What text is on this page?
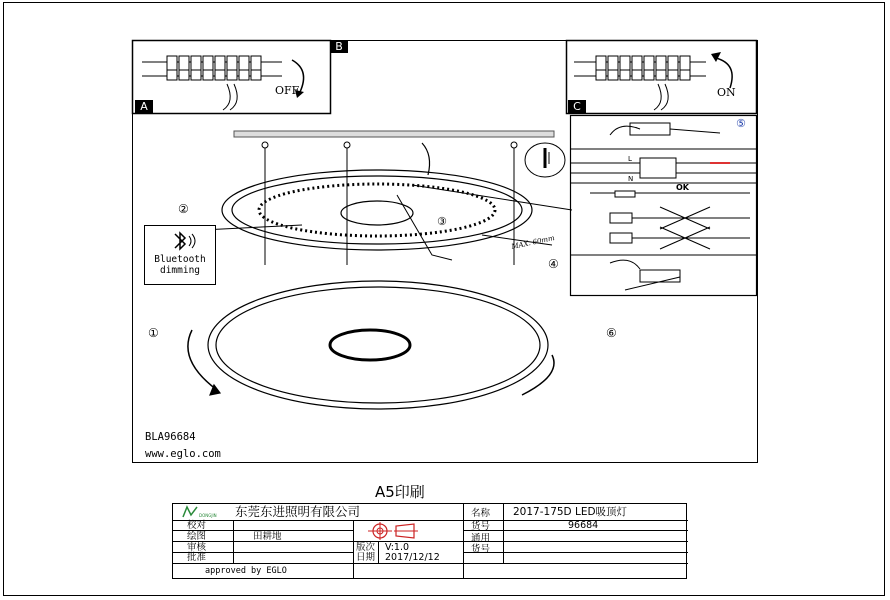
B
A
OFF
C
ON
②
①
④
⑥
③
MAX. 60mm
Bluetooth
dimming
⑤
L
N
OK
BLA96684
www.eglo.com
A5印刷
DONGJIN 东莞东进照明有限公司
校对
绘图	田耕地
审核
批准
approved by EGLO
版次 V:1.0
日期 2017/12/12
名称 2017-175D LED吸顶灯
货号	96684
通用
货号
